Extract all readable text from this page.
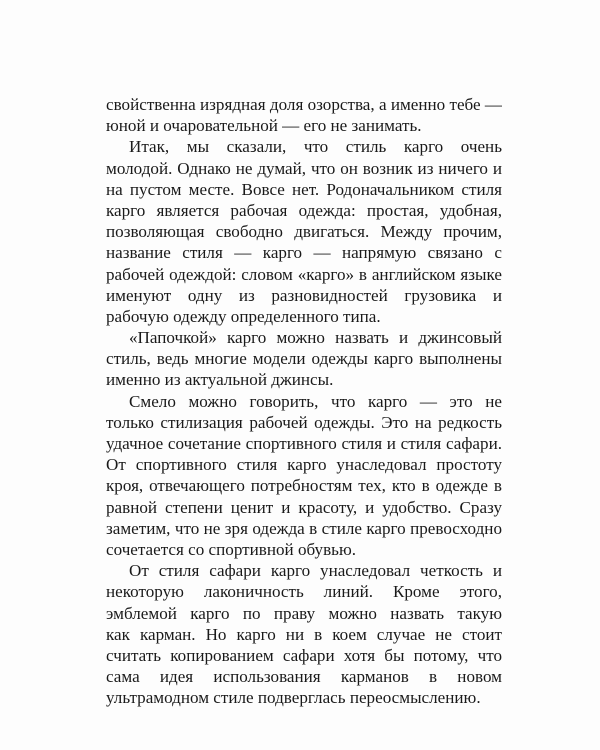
свойственна изрядная доля озорства, а именно тебе —
юной и очаровательной — его не занимать.
Итак, мы сказали, что стиль карго очень
молодой. Однако не думай, что он возник из ничего и
на пустом месте. Вовсе нет. Родоначальником стиля
карго является рабочая одежда: простая, удобная,
позволяющая свободно двигаться. Между прочим,
название стиля — карго — напрямую связано с
рабочей одеждой: словом «карго» в английском языке
именуют одну из разновидностей грузовика и
рабочую одежду определенного типа.
«Папочкой» карго можно назвать и джинсовый
стиль, ведь многие модели одежды карго выполнены
именно из актуальной джинсы.
Смело можно говорить, что карго — это не
только стилизация рабочей одежды. Это на редкость
удачное сочетание спортивного стиля и стиля сафари.
От спортивного стиля карго унаследовал простоту
кроя, отвечающего потребностям тех, кто в одежде в
равной степени ценит и красоту, и удобство. Сразу
заметим, что не зря одежда в стиле карго превосходно
сочетается со спортивной обувью.
От стиля сафари карго унаследовал четкость и
некоторую лаконичность линий. Кроме этого,
эмблемой карго по праву можно назвать такую
как карман. Но карго ни в коем случае не стоит
считать копированием сафари хотя бы потому, что
сама идея использования карманов в новом
ультрамодном стиле подверглась переосмыслению.
